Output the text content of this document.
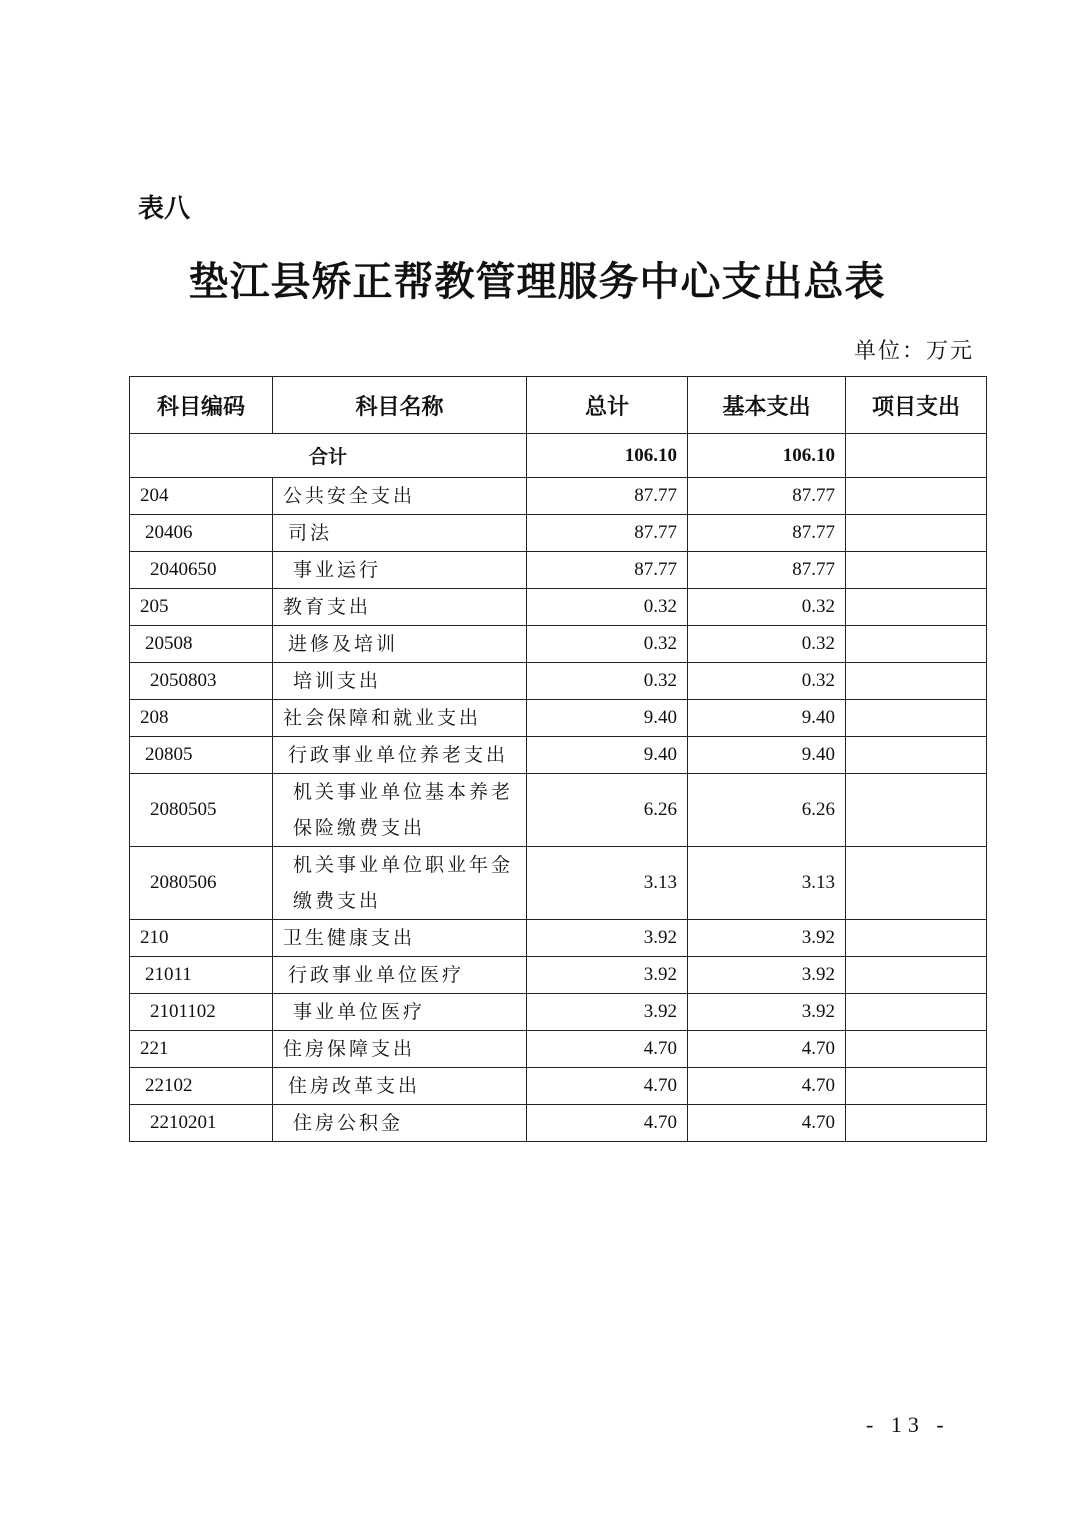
表八
垫江县矫正帮教管理服务中心支出总表
单位：万元
科目编码	科目名称	总计	基本支出	项目支出
合计		106.10	106.10	
204	公共安全支出	87.77	87.77	
20406	司法	87.77	87.77	
2040650	事业运行	87.77	87.77	
205	教育支出	0.32	0.32	
20508	进修及培训	0.32	0.32	
2050803	培训支出	0.32	0.32	
208	社会保障和就业支出	9.40	9.40	
20805	行政事业单位养老支出	9.40	9.40	
2080505	机关事业单位基本养老保险缴费支出	6.26	6.26	
2080506	机关事业单位职业年金缴费支出	3.13	3.13	
210	卫生健康支出	3.92	3.92	
21011	行政事业单位医疗	3.92	3.92	
2101102	事业单位医疗	3.92	3.92	
221	住房保障支出	4.70	4.70	
22102	住房改革支出	4.70	4.70	
2210201	住房公积金	4.70	4.70	
- 13 -
